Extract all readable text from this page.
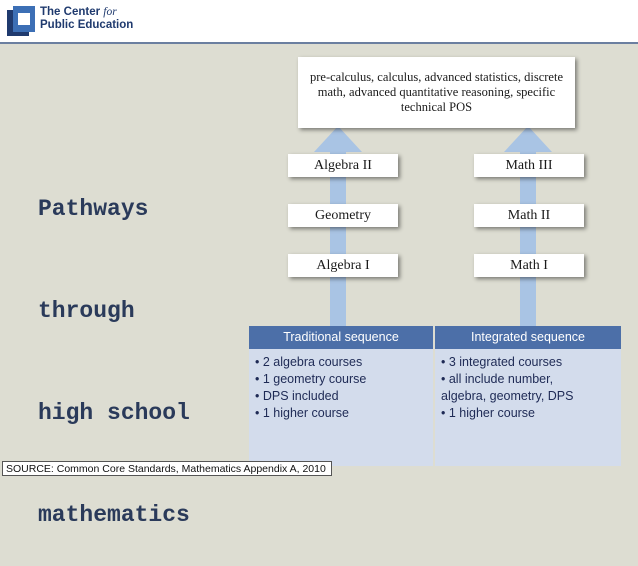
The Center for
Public Education

Pathways

through

high school

mathematics

pre-calculus, calculus, advanced statistics, discrete math, advanced quantitative reasoning, specific technical POS
Algebra II
Geometry
Algebra I
Math III
Math II
Math I
Traditional sequence	Integrated sequence
• 2 algebra courses
• 1 geometry course
• DPS included
• 1 higher course
• 3 integrated courses
• all include number,
algebra, geometry, DPS
• 1 higher course
SOURCE: Common Core Standards, Mathematics Appendix A, 2010
